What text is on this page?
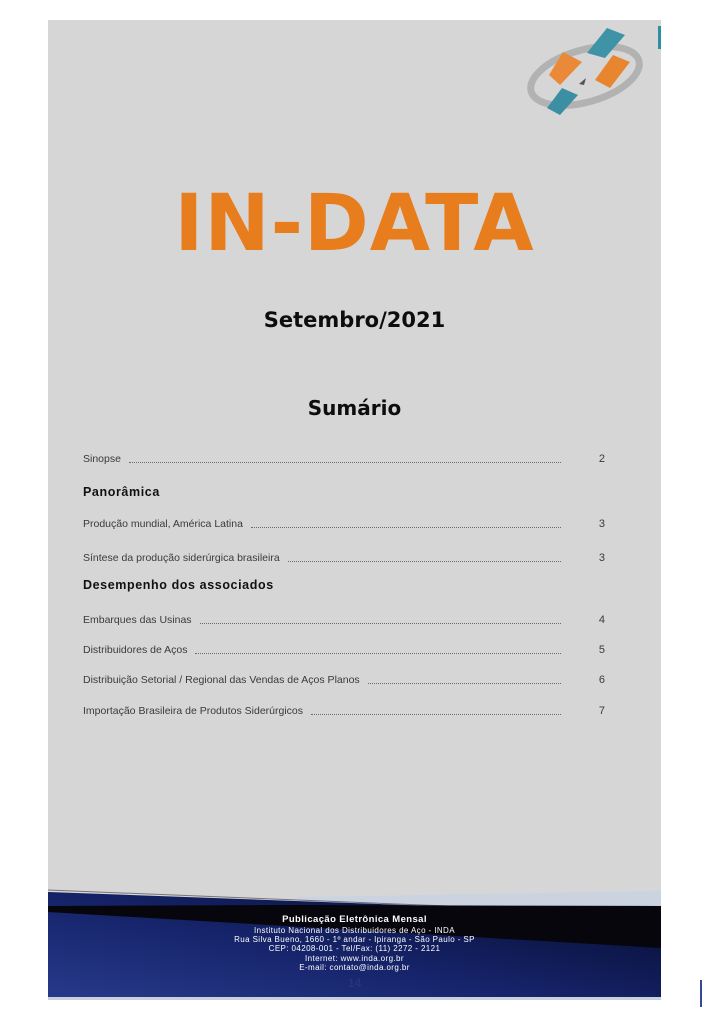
IN-DATA
Setembro/2021
Sumário
Sinopse	2
Panorâmica
Produção mundial, América Latina	3
Síntese da produção siderúrgica brasileira	3
Desempenho dos associados
Embarques das Usinas	4
Distribuidores de Aços	5
Distribuição Setorial / Regional das Vendas de Aços Planos	6
Importação Brasileira de Produtos Siderúrgicos	7
Publicação Eletrônica Mensal
Instituto Nacional dos Distribuidores de Aço - INDA
Rua Silva Bueno, 1660 - 1º andar - Ipiranga - São Paulo - SP
CEP: 04208-001 - Tel/Fax: (11) 2272 - 2121
Internet: www.inda.org.br
E-mail: contato@inda.org.br
14
